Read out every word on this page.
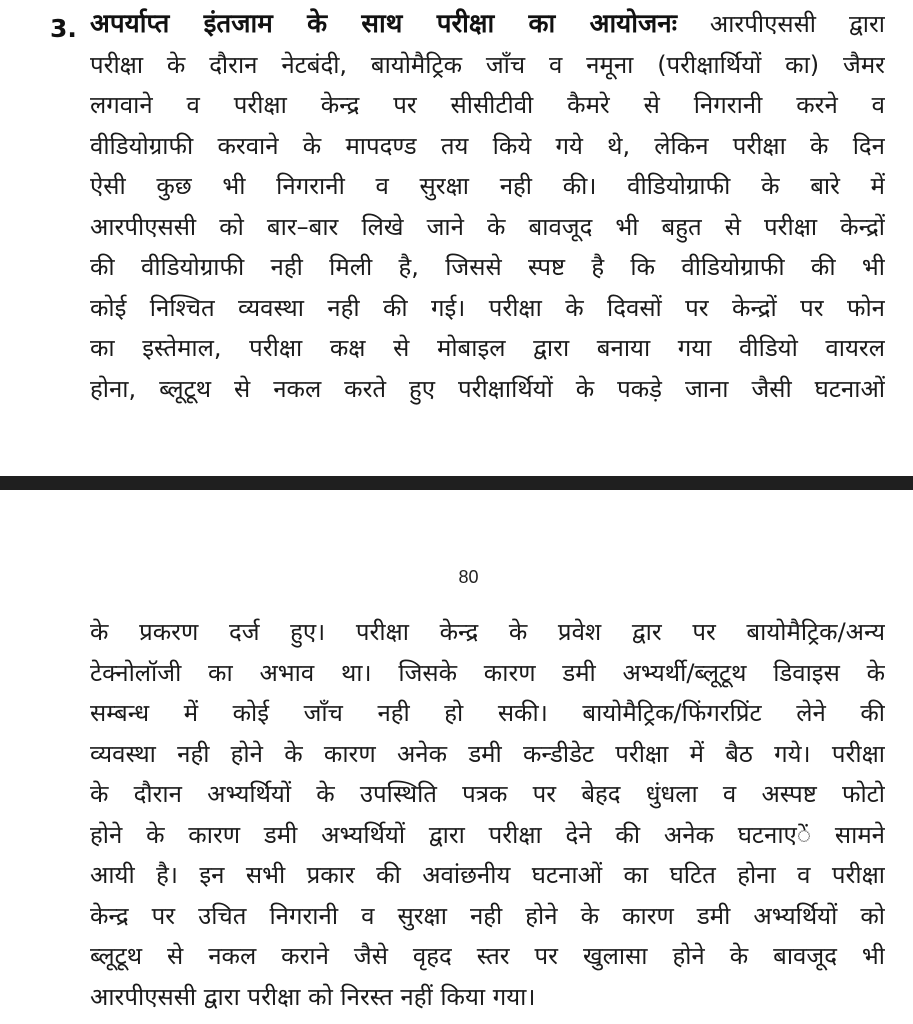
3. अपर्याप्त इंतजाम के साथ परीक्षा का आयोजनः आरपीएससी द्वारा
परीक्षा के दौरान नेटबंदी, बायोमैट्रिक जाँच व नमूना (परीक्षार्थियों का) जैमर
लगवाने व परीक्षा केन्द्र पर सीसीटीवी कैमरे से निगरानी करने व
वीडियोग्राफी करवाने के मापदण्ड तय किये गये थे, लेकिन परीक्षा के दिन
ऐसी कुछ भी निगरानी व सुरक्षा नही की। वीडियोग्राफी के बारे में
आरपीएससी को बार–बार लिखे जाने के बावजूद भी बहुत से परीक्षा केन्द्रों
की वीडियोग्राफी नही मिली है, जिससे स्पष्ट है कि वीडियोग्राफी की भी
कोई निश्चित व्यवस्था नही की गई। परीक्षा के दिवसों पर केन्द्रों पर फोन
का इस्तेमाल, परीक्षा कक्ष से मोबाइल द्वारा बनाया गया वीडियो वायरल
होना, ब्लूटूथ से नकल करते हुए परीक्षार्थियों के पकड़े जाना जैसी घटनाओं
80
के प्रकरण दर्ज हुए। परीक्षा केन्द्र के प्रवेश द्वार पर बायोमैट्रिक/अन्य
टेक्नोलॉजी का अभाव था। जिसके कारण डमी अभ्यर्थी/ब्लूटूथ डिवाइस के
सम्बन्ध में कोई जाँच नही हो सकी। बायोमैट्रिक/फिंगरप्रिंट लेने की
व्यवस्था नही होने के कारण अनेक डमी कन्डीडेट परीक्षा में बैठ गये। परीक्षा
के दौरान अभ्यर्थियों के उपस्थिति पत्रक पर बेहद धुंधला व अस्पष्ट फोटो
होने के कारण डमी अभ्यर्थियों द्वारा परीक्षा देने की अनेक घटनाएें सामने
आयी है। इन सभी प्रकार की अवांछनीय घटनाओं का घटित होना व परीक्षा
केन्द्र पर उचित निगरानी व सुरक्षा नही होने के कारण डमी अभ्यर्थियों को
ब्लूटूथ से नकल कराने जैसे वृहद स्तर पर खुलासा होने के बावजूद भी
आरपीएससी द्वारा परीक्षा को निरस्त नहीं किया गया।
